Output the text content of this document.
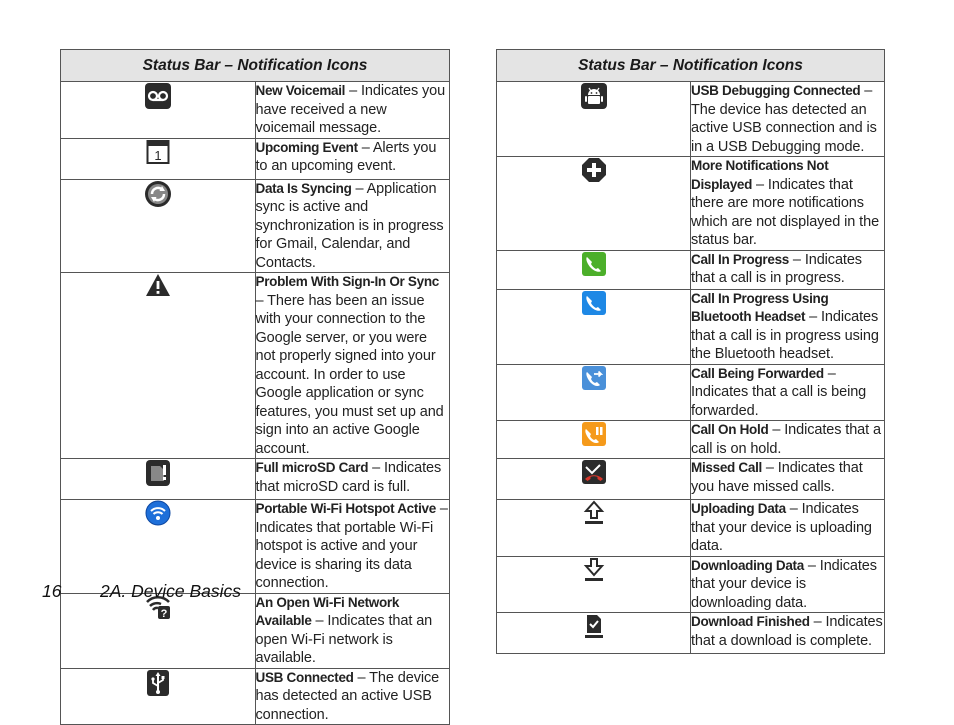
Status Bar – Notification Icons	

	New Voicemail – Indicates you have received a new voicemail message.

1	Upcoming Event – Alerts you to an upcoming event.

	Data Is Syncing – Application sync is active and synchronization is in progress for Gmail, Calendar, and Contacts.

	Problem With Sign-In Or Sync – There has been an issue with your connection to the Google server, or you were not properly signed into your account. In order to use Google application or sync features, you must set up and sign into an active Google account.

	Full microSD Card – Indicates that microSD card is full.

	Portable Wi-Fi Hotspot Active – Indicates that portable Wi-Fi hotspot is active and your device is sharing its data connection.

?	An Open Wi-Fi Network Available – Indicates that an open Wi-Fi network is available.

	USB Connected – The device has detected an active USB connection.
Status Bar – Notification Icons	

	USB Debugging Connected – The device has detected an active USB connection and is in a USB Debugging mode.

	More Notifications Not Displayed – Indicates that there are more notifications which are not displayed in the status bar.

	Call In Progress – Indicates that a call is in progress.

	Call In Progress Using Bluetooth Headset – Indicates that a call is in progress using the Bluetooth headset.

	Call Being Forwarded – Indicates that a call is being forwarded.

	Call On Hold – Indicates that a call is on hold.

	Missed Call – Indicates that you have missed calls.

	Uploading Data – Indicates that your device is uploading data.

	Downloading Data – Indicates that your device is downloading data.

	Download Finished – Indicates that a download is complete.
16 2A. Device Basics
